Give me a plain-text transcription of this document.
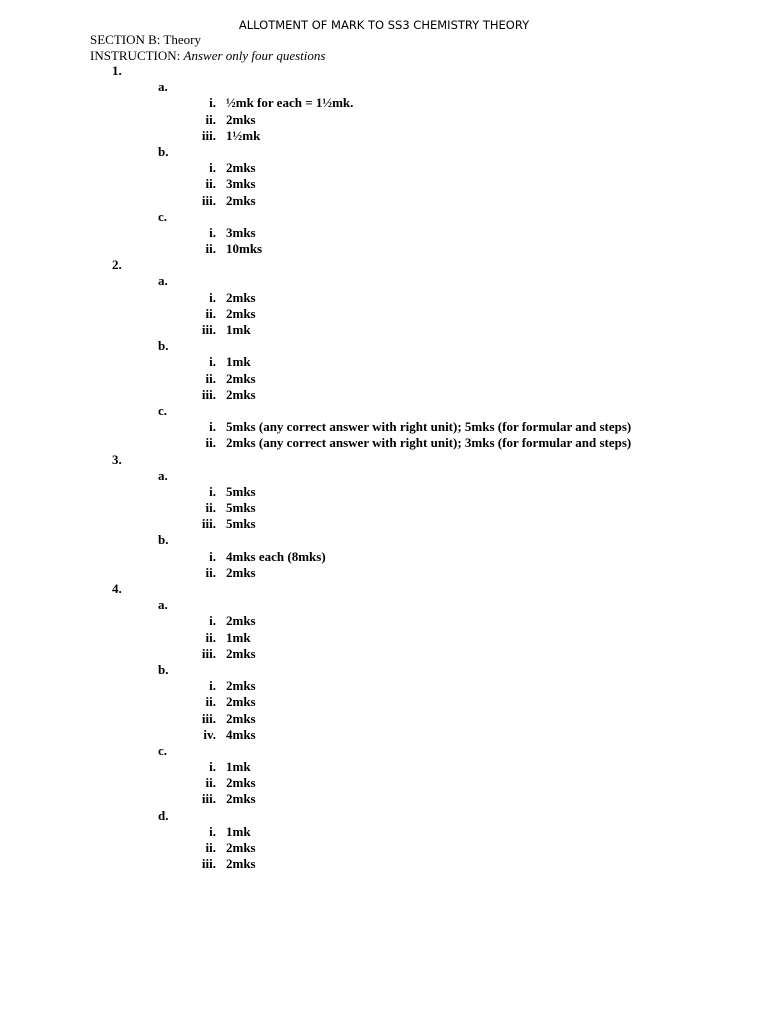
ALLOTMENT OF MARK TO SS3 CHEMISTRY THEORY
SECTION B: Theory
INSTRUCTION: Answer only four questions
1.
a.
i. ½mk for each = 1½mk.
ii. 2mks
iii. 1½mk
b.
i. 2mks
ii. 3mks
iii. 2mks
c.
i. 3mks
ii. 10mks
2.
a.
i. 2mks
ii. 2mks
iii. 1mk
b.
i. 1mk
ii. 2mks
iii. 2mks
c.
i. 5mks (any correct answer with right unit); 5mks (for formular and steps)
ii. 2mks (any correct answer with right unit); 3mks (for formular and steps)
3.
a.
i. 5mks
ii. 5mks
iii. 5mks
b.
i. 4mks each (8mks)
ii. 2mks
4.
a.
i. 2mks
ii. 1mk
iii. 2mks
b.
i. 2mks
ii. 2mks
iii. 2mks
iv. 4mks
c.
i. 1mk
ii. 2mks
iii. 2mks
d.
i. 1mk
ii. 2mks
iii. 2mks
